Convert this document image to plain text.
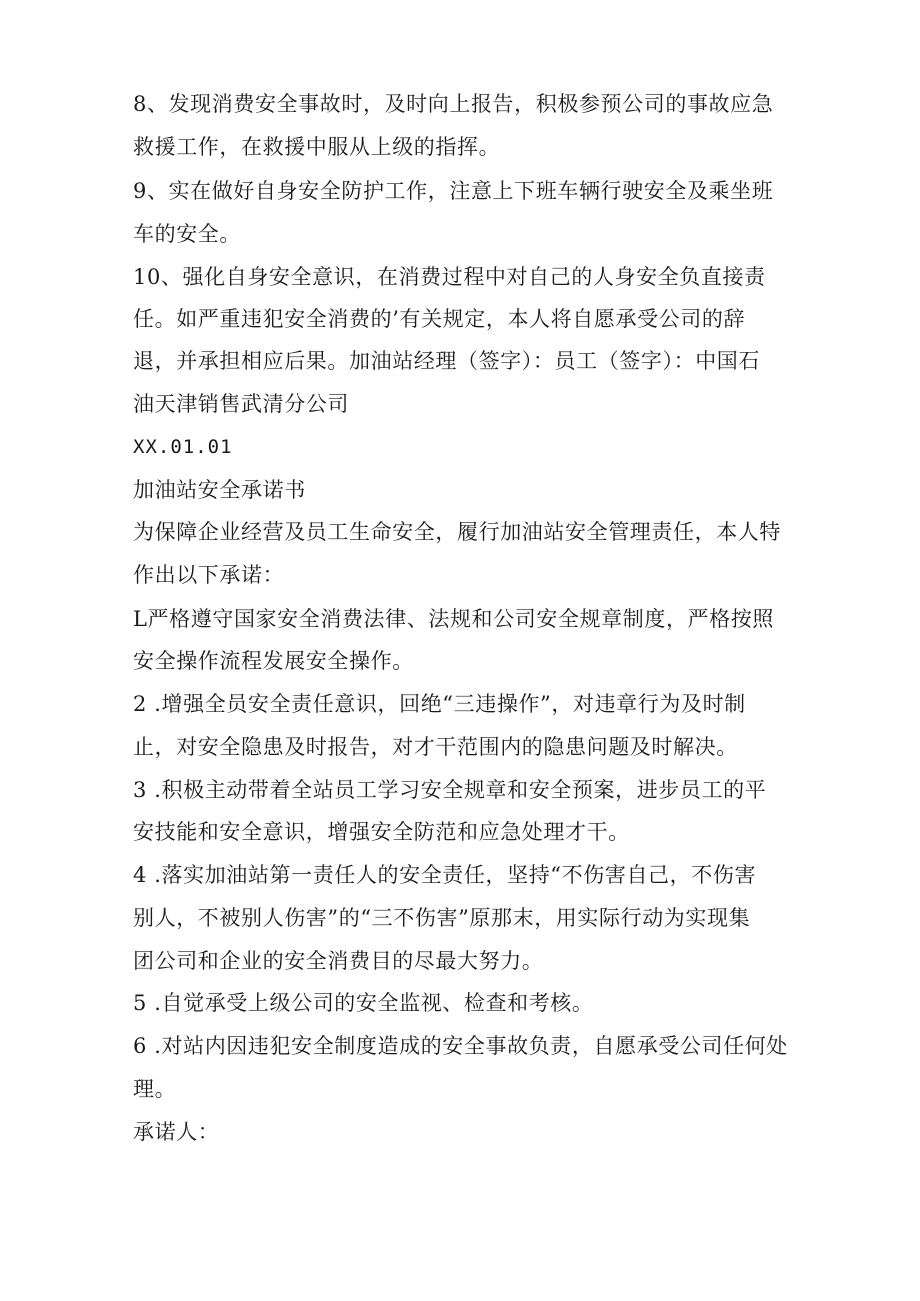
8、发现消费安全事故时，及时向上报告，积极参预公司的事故应急
救援工作，在救援中服从上级的指挥。
9、实在做好自身安全防护工作，注意上下班车辆行驶安全及乘坐班
车的安全。
10、强化自身安全意识，在消费过程中对自己的人身安全负直接责
任。如严重违犯安全消费的’有关规定，本人将自愿承受公司的辞
退，并承担相应后果。加油站经理（签字）：员工（签字）：中国石
油天津销售武清分公司
XX.01.01
加油站安全承诺书
为保障企业经营及员工生命安全，履行加油站安全管理责任，本人特
作出以下承诺：
L严格遵守国家安全消费法律、法规和公司安全规章制度，严格按照
安全操作流程发展安全操作。
2 .增强全员安全责任意识，回绝“三违操作”，对违章行为及时制
止，对安全隐患及时报告，对才干范围内的隐患问题及时解决。
3 .积极主动带着全站员工学习安全规章和安全预案，进步员工的平
安技能和安全意识，增强安全防范和应急处理才干。
4 .落实加油站第一责任人的安全责任，坚持“不伤害自己，不伤害
别人，不被别人伤害”的“三不伤害”原那末，用实际行动为实现集
团公司和企业的安全消费目的尽最大努力。
5 .自觉承受上级公司的安全监视、检查和考核。
6 .对站内因违犯安全制度造成的安全事故负责，自愿承受公司任何处
理。
承诺人：
